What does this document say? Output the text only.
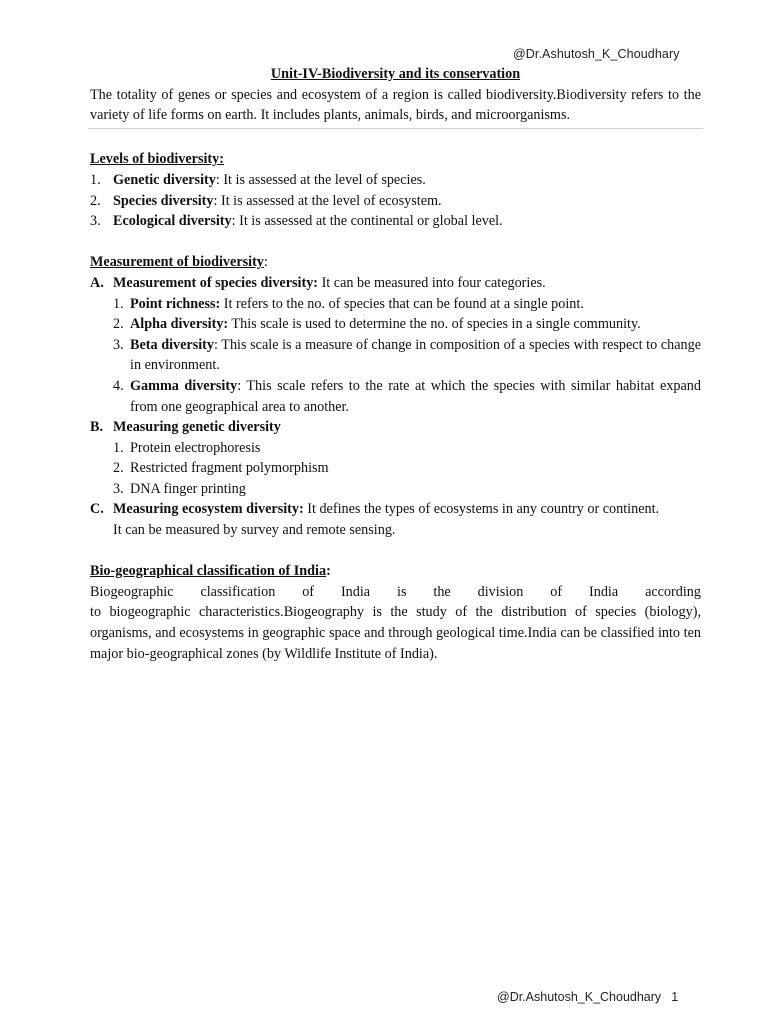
@Dr.Ashutosh_K_Choudhary

Unit-IV-Biodiversity and its conservation

The totality of genes or species and ecosystem of a region is called biodiversity.Biodiversity refers to the variety of life forms on earth. It includes plants, animals, birds, and microorganisms.

Levels of biodiversity:

1. Genetic diversity: It is assessed at the level of species.
2. Species diversity: It is assessed at the level of ecosystem.
3. Ecological diversity: It is assessed at the continental or global level.

Measurement of biodiversity:

A. Measurement of species diversity: It can be measured into four categories.
1. Point richness: It refers to the no. of species that can be found at a single point.
2. Alpha diversity: This scale is used to determine the no. of species in a single community.
3. Beta diversity: This scale is a measure of change in composition of a species with respect to change in environment.
4. Gamma diversity: This scale refers to the rate at which the species with similar habitat expand from one geographical area to another.
B. Measuring genetic diversity
1. Protein electrophoresis
2. Restricted fragment polymorphism
3. DNA finger printing
C. Measuring ecosystem diversity: It defines the types of ecosystems in any country or continent.

It can be measured by survey and remote sensing.

Bio-geographical classification of India:

Biogeographic classification of India is the division of India according

to biogeographic characteristics.Biogeography is the study of the distribution of species (biology), organisms, and ecosystems in geographic space and through geological time.India can be classified into ten major bio-geographical zones (by Wildlife Institute of India).

@Dr.Ashutosh_K_Choudhary 1
